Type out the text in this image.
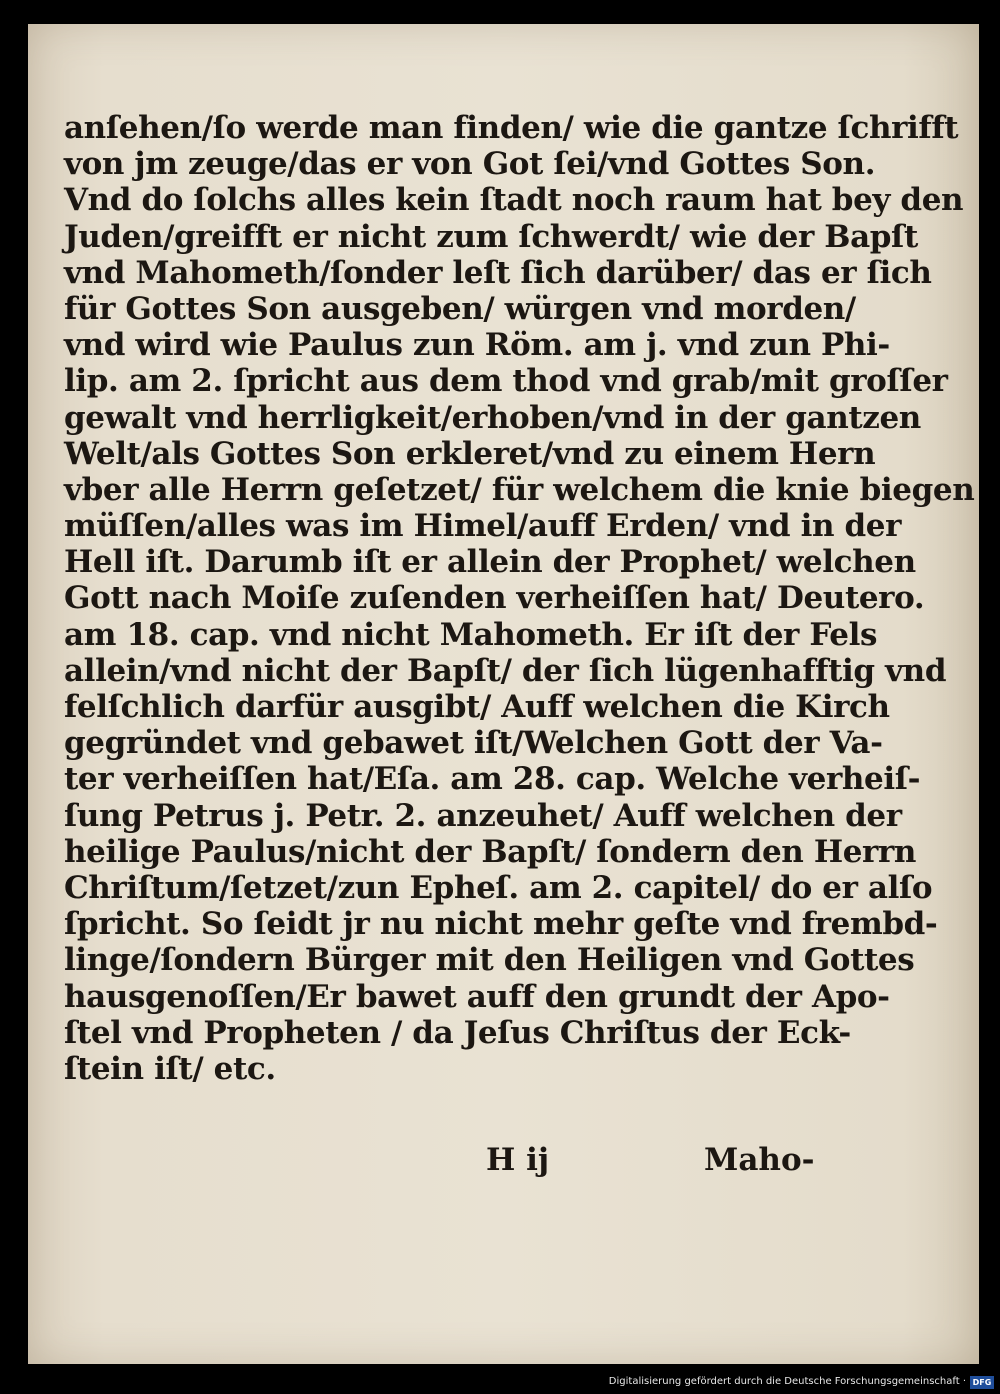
anſehen/ſo werde man finden/ wie die gantze ſchrifft
von jm zeuge/das er von Got ſei/vnd Gottes Son.
Vnd do ſolchs alles kein ſtadt noch raum hat bey den
Juden/greifft er nicht zum ſchwerdt/ wie der Bapſt
vnd Mahometh/ſonder leſt ſich darüber/ das er ſich
für Gottes Son ausgeben/ würgen vnd morden/
vnd wird wie Paulus zun Röm. am j. vnd zun Phi-
lip. am 2. ſpricht aus dem thod vnd grab/mit groſſer
gewalt vnd herrligkeit/erhoben/vnd in der gantzen
Welt/als Gottes Son erkleret/vnd zu einem Hern
vber alle Herrn geſetzet/ für welchem die knie biegen
müſſen/alles was im Himel/auff Erden/ vnd in der
Hell iſt. Darumb iſt er allein der Prophet/ welchen
Gott nach Moiſe zuſenden verheiſſen hat/ Deutero.
am 18. cap. vnd nicht Mahometh. Er iſt der Fels
allein/vnd nicht der Bapſt/ der ſich lügenhafftig vnd
felſchlich darfür ausgibt/ Auff welchen die Kirch
gegründet vnd gebawet iſt/Welchen Gott der Va-
ter verheiſſen hat/Eſa. am 28. cap. Welche verheiſ-
ſung Petrus j. Petr. 2. anzeuhet/ Auff welchen der
heilige Paulus/nicht der Bapſt/ ſondern den Herrn
Chriſtum/ſetzet/zun Epheſ. am 2. capitel/ do er alſo
ſpricht. So ſeidt jr nu nicht mehr geſte vnd frembd-
linge/ſondern Bürger mit den Heiligen vnd Gottes
hausgenoſſen/Er bawet auff den grundt der Apo-
ſtel vnd Propheten / da Jeſus Chriſtus der Eck-
ſtein iſt/ etc.
H ij	Maho-
Digitalisierung gefördert durch die Deutsche Forschungsgemeinschaft · DFG
